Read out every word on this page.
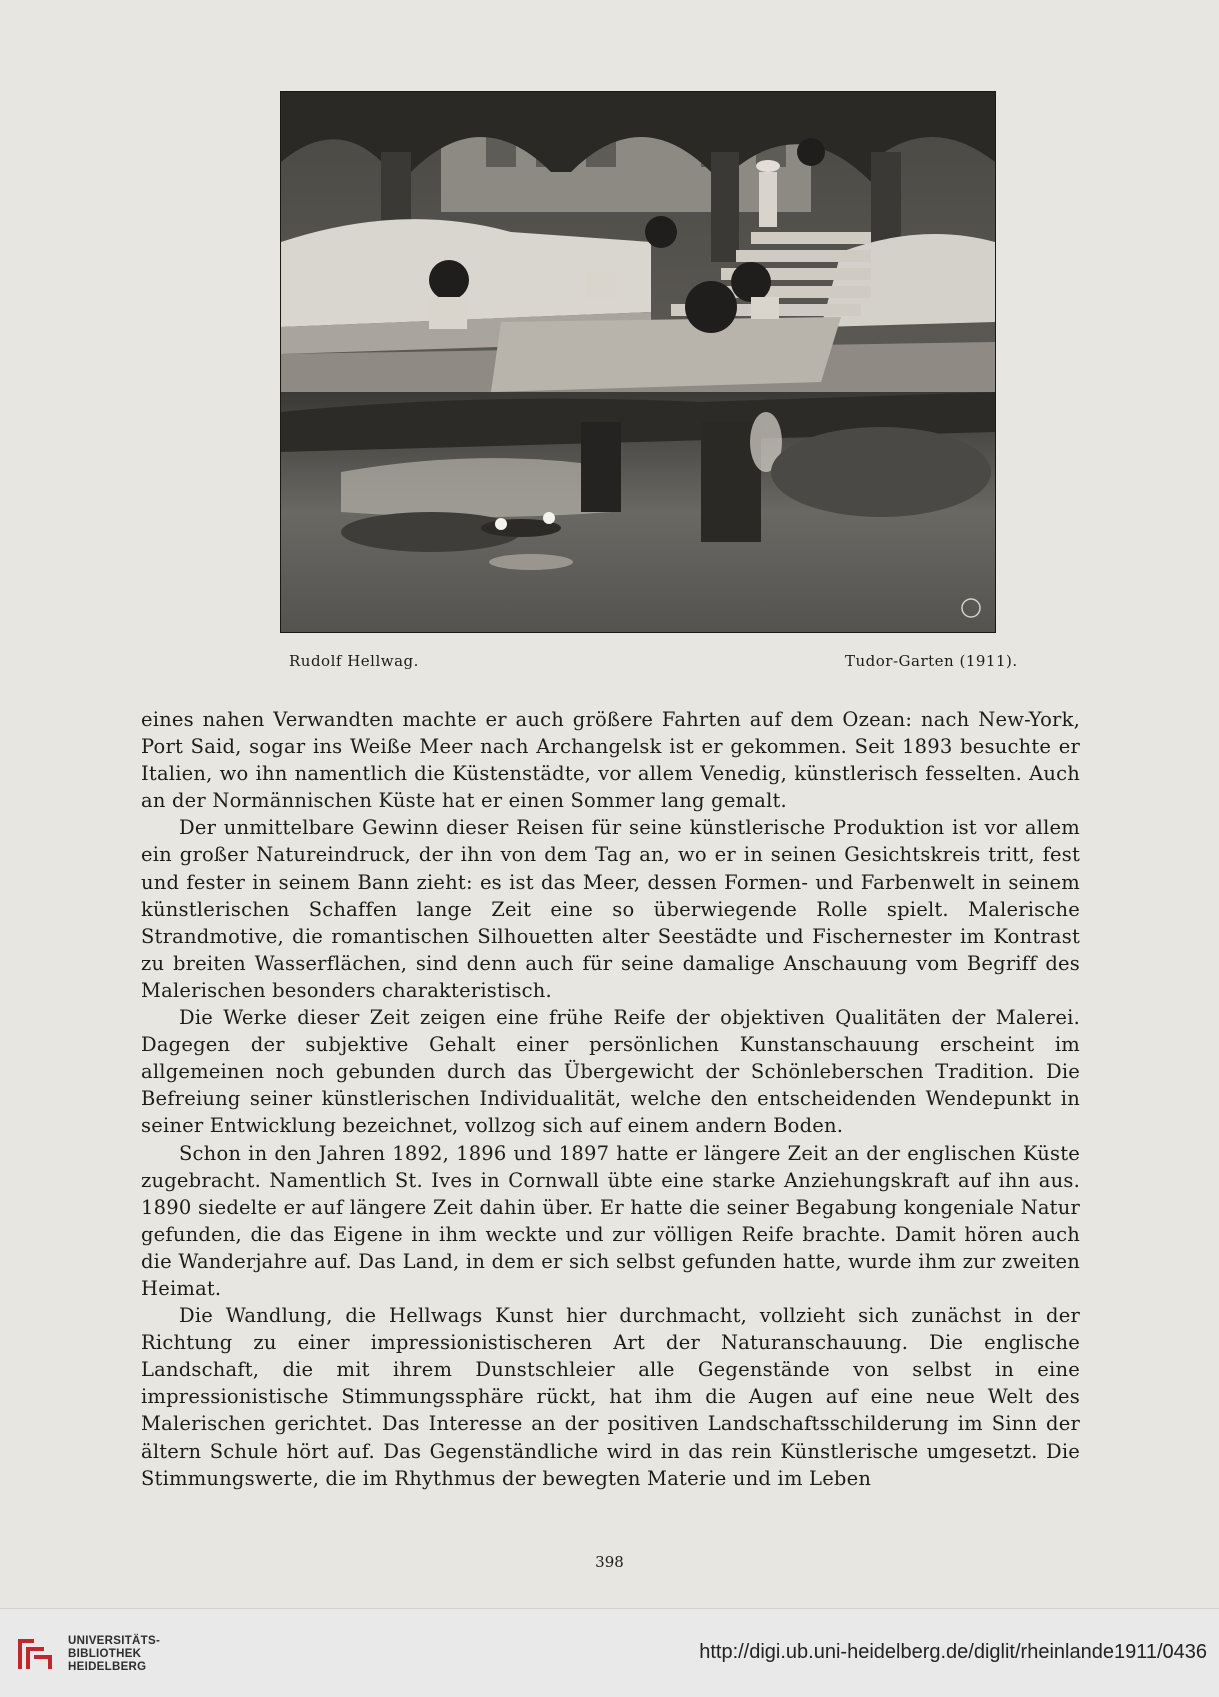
Rudolf Hellwag.	Tudor-Garten (1911).

eines nahen Verwandten machte er auch größere Fahrten auf dem Ozean: nach New-York, Port Said, sogar ins Weiße Meer nach Archangelsk ist er gekommen. Seit 1893 besuchte er Italien, wo ihn namentlich die Küstenstädte, vor allem Venedig, künstlerisch fesselten. Auch an der Normännischen Küste hat er einen Sommer lang gemalt.

Der unmittelbare Gewinn dieser Reisen für seine künstlerische Produktion ist vor allem ein großer Natureindruck, der ihn von dem Tag an, wo er in seinen Gesichtskreis tritt, fest und fester in seinem Bann zieht: es ist das Meer, dessen Formen- und Farbenwelt in seinem künstlerischen Schaffen lange Zeit eine so überwiegende Rolle spielt. Malerische Strandmotive, die romantischen Silhouetten alter Seestädte und Fischernester im Kontrast zu breiten Wasserflächen, sind denn auch für seine damalige Anschauung vom Begriff des Malerischen besonders charakteristisch.

Die Werke dieser Zeit zeigen eine frühe Reife der objektiven Qualitäten der Malerei. Dagegen der subjektive Gehalt einer persönlichen Kunstanschauung erscheint im allgemeinen noch gebunden durch das Übergewicht der Schönleberschen Tradition. Die Befreiung seiner künstlerischen Individualität, welche den entscheidenden Wendepunkt in seiner Entwicklung bezeichnet, vollzog sich auf einem andern Boden.

Schon in den Jahren 1892, 1896 und 1897 hatte er längere Zeit an der englischen Küste zugebracht. Namentlich St. Ives in Cornwall übte eine starke Anziehungskraft auf ihn aus. 1890 siedelte er auf längere Zeit dahin über. Er hatte die seiner Begabung kongeniale Natur gefunden, die das Eigene in ihm weckte und zur völligen Reife brachte. Damit hören auch die Wanderjahre auf. Das Land, in dem er sich selbst gefunden hatte, wurde ihm zur zweiten Heimat.

Die Wandlung, die Hellwags Kunst hier durchmacht, vollzieht sich zunächst in der Richtung zu einer impressionistischeren Art der Naturanschauung. Die englische Landschaft, die mit ihrem Dunstschleier alle Gegenstände von selbst in eine impressionistische Stimmungssphäre rückt, hat ihm die Augen auf eine neue Welt des Malerischen gerichtet. Das Interesse an der positiven Landschaftsschilderung im Sinn der ältern Schule hört auf. Das Gegenständliche wird in das rein Künstlerische umgesetzt. Die Stimmungswerte, die im Rhythmus der bewegten Materie und im Leben

398
UNIVERSITÄTS-
BIBLIOTHEK
HEIDELBERG
http://digi.ub.uni-heidelberg.de/diglit/rheinlande1911/0436
